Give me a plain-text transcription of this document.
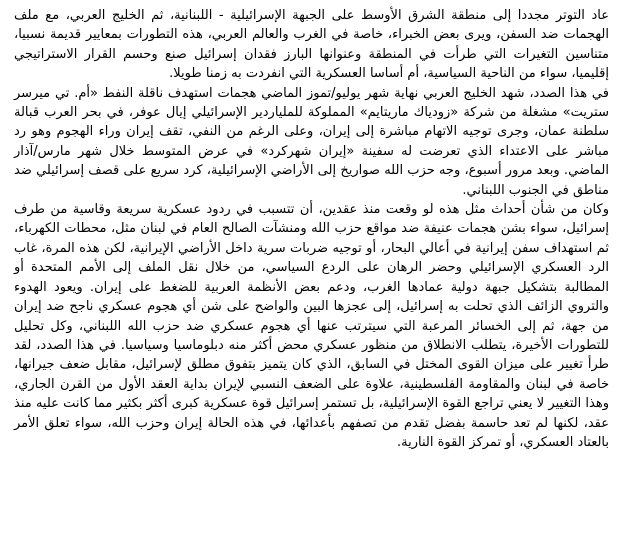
عاد التوتر مجددا إلى منطقة الشرق الأوسط على الجبهة الإسرائيلية - اللبنانية، ثم الخليج العربي، مع ملف الهجمات ضد السفن، ويرى بعض الخبراء، خاصة في الغرب والعالم العربي، هذه التطورات بمعايير قديمة نسبيا، متناسين التغيرات التي طرأت في المنطقة وعنوانها البارز فقدان إسرائيل صنع وحسم القرار الاستراتيجي إقليميا، سواء من الناحية السياسية، أم أساسا العسكرية التي انفردت به زمنا طويلا.

في هذا الصدد، شهد الخليج العربي نهاية شهر يوليو/تموز الماضي هجمات استهدف ناقلة النفط «أم. تي ميرسر ستريت» مشغلة من شركة «زودياك ماريتايم» المملوكة للملياردير الإسرائيلي إيال عوفر، في بحر العرب قبالة سلطنة عمان، وجرى توجيه الاتهام مباشرة إلى إيران، وعلى الرغم من النفي، تقف إيران وراء الهجوم وهو رد مباشر على الاعتداء الذي تعرضت له سفينة «إيران شهركرد» في عرض المتوسط خلال شهر مارس/آذار الماضي. وبعد مرور أسبوع، وجه حزب الله صواريخ إلى الأراضي الإسرائيلية، كرد سريع على قصف إسرائيلي ضد مناطق في الجنوب اللبناني.

وكان من شأن أحداث مثل هذه لو وقعت منذ عقدين، أن تتسبب في ردود عسكرية سريعة وقاسية من طرف إسرائيل، سواء بشن هجمات عنيفة ضد مواقع حزب الله ومنشآت الصالح العام في لبنان مثل، محطات الكهرباء، ثم استهداف سفن إيرانية في أعالي البحار، أو توجيه ضربات سرية داخل الأراضي الإيرانية، لكن هذه المرة، غاب الرد العسكري الإسرائيلي وحضر الرهان على الردع السياسي، من خلال نقل الملف إلى الأمم المتحدة أو المطالبة بتشكيل جبهة دولية عمادها الغرب، ودعم بعض الأنظمة العربية للضغط على إيران. ويعود الهدوء والتروي الزائف الذي تحلت به إسرائيل، إلى عجزها البين والواضح على شن أي هجوم عسكري ناجح ضد إيران من جهة، ثم إلى الخسائر المرعبة التي سيترتب عنها أي هجوم عسكري ضد حزب الله اللبناني، وكل تحليل للتطورات الأخيرة، يتطلب الانطلاق من منظور عسكري محض أكثر منه دبلوماسيا وسياسيا. في هذا الصدد، لقد طرأ تغيير على ميزان القوى المختل في السابق، الذي كان يتميز بتفوق مطلق لإسرائيل، مقابل ضعف جيرانها، خاصة في لبنان والمقاومة الفلسطينية، علاوة على الضعف النسبي لإيران بداية العقد الأول من القرن الجاري، وهذا التغيير لا يعني تراجع القوة الإسرائيلية، بل تستمر إسرائيل قوة عسكرية كبرى أكثر بكثير مما كانت عليه منذ عقد، لكنها لم تعد حاسمة بفضل تقدم من تصفهم بأعدائها، في هذه الحالة إيران وحزب الله، سواء تعلق الأمر بالعتاد العسكري، أو تمركز القوة النارية.
